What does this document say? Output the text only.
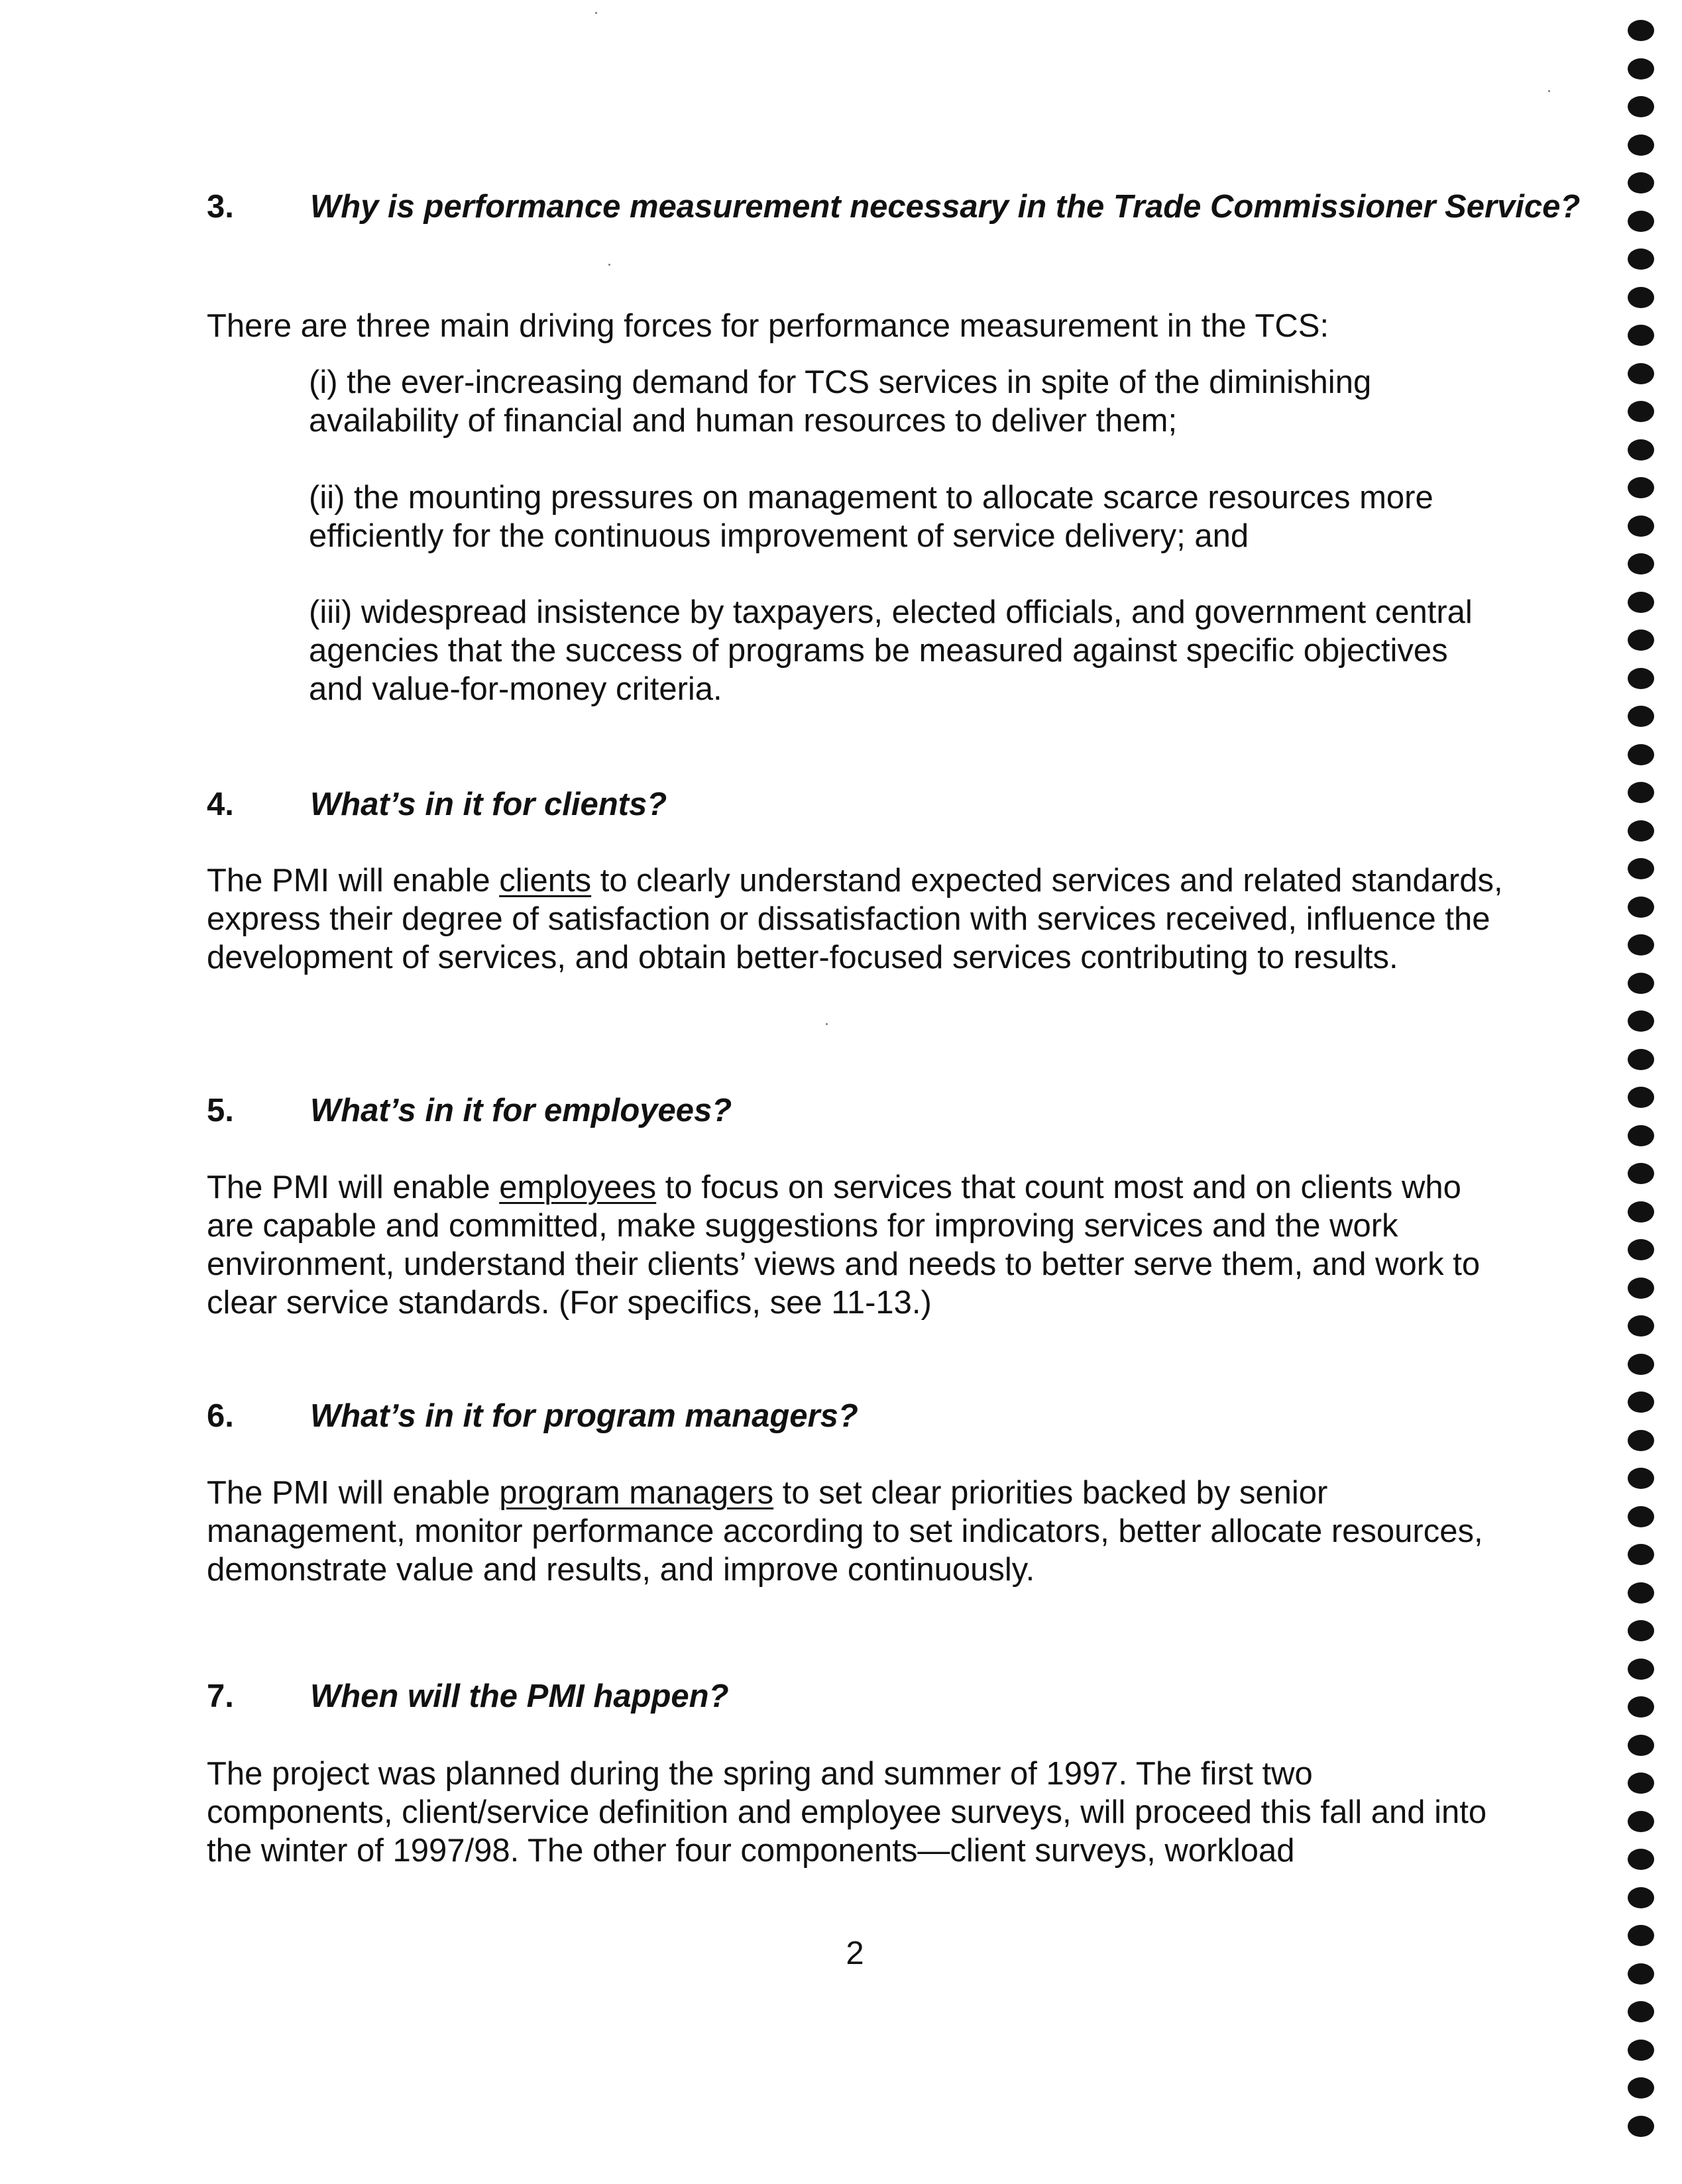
3. Why is performance measurement necessary in the Trade Commissioner Service?
There are three main driving forces for performance measurement in the TCS:
(i) the ever-increasing demand for TCS services in spite of the diminishing availability of financial and human resources to deliver them;
(ii) the mounting pressures on management to allocate scarce resources more efficiently for the continuous improvement of service delivery; and
(iii) widespread insistence by taxpayers, elected officials, and government central agencies that the success of programs be measured against specific objectives and value-for-money criteria.
4. What’s in it for clients?
The PMI will enable clients to clearly understand expected services and related standards, express their degree of satisfaction or dissatisfaction with services received, influence the development of services, and obtain better-focused services contributing to results.
5. What’s in it for employees?
The PMI will enable employees to focus on services that count most and on clients who are capable and committed, make suggestions for improving services and the work environment, understand their clients’ views and needs to better serve them, and work to clear service standards. (For specifics, see 11-13.)
6. What’s in it for program managers?
The PMI will enable program managers to set clear priorities backed by senior management, monitor performance according to set indicators, better allocate resources, demonstrate value and results, and improve continuously.
7. When will the PMI happen?
The project was planned during the spring and summer of 1997. The first two components, client/service definition and employee surveys, will proceed this fall and into the winter of 1997/98. The other four components—client surveys, workload
2
